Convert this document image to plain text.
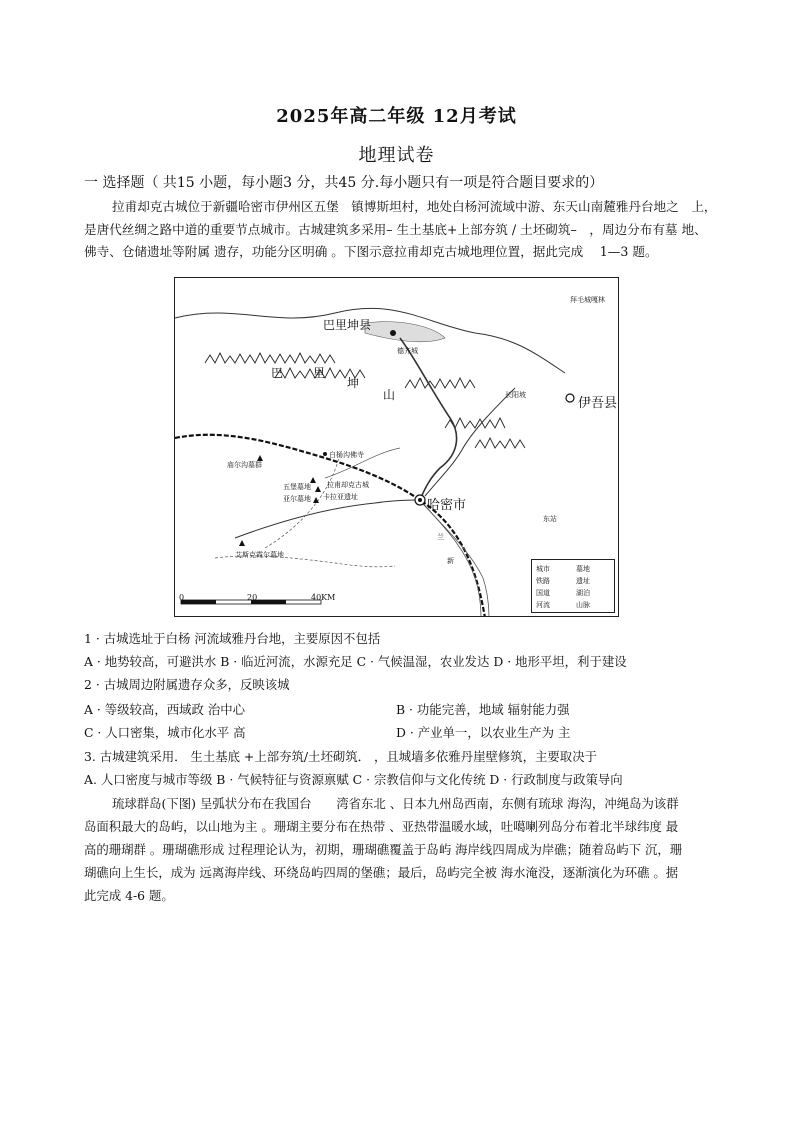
2025年高二年级 12月考试
地理试卷
一 选择题（ 共15 小题，每小题3 分，共45 分.每小题只有一项是符合题目要求的）
拉甫却克古城位于新疆哈密市伊州区五堡　镇博斯坦村，地处白杨河流域中游、东天山南麓雅丹台地之　上，
是唐代丝绸之路中道的重要节点城市。古城建筑多采用– 生土基底+上部夯筑 / 土坯砌筑–　，周边分布有墓 地、
佛寺、仓储遗址等附属 遗存，功能分区明确 。下图示意拉甫却克古城地理位置，据此完成　 1—3 题。
巴里坤县
巴 里
坤
山
伊吾县
哈密市
白杨沟佛寺
拉甫却克古城
拜毛城嘎林
德齐城
长阳坡
庙尔沟墓群
五堡墓地
亚尔墓地 卡拉亚遗址
艾斯克霞尔墓地
东站
兰
新
城市	墓地
铁路	遗址
国道	湖泊
河流	山脉
0	20	40KM
1 · 古城选址于白杨 河流域雅丹台地，主要原因不包括
A · 地势较高，可避洪水 B · 临近河流，水源充足 C · 气候温湿，农业发达 D · 地形平坦，利于建设
2 · 古城周边附属遗存众多，反映该城
A · 等级较高，西域政 治中心	B · 功能完善，地域 辐射能力强
C · 人口密集，城市化水平 高	D · 产业单一，以农业生产为 主
3. 古城建筑采用． 生土基底 +上部夯筑/土坯砌筑． ，且城墙多依雅丹崖壁修筑，主要取决于
A. 人口密度与城市等级 B · 气候特征与资源禀赋 C · 宗教信仰与文化传统 D · 行政制度与政策导向
琉球群岛(下图) 呈弧状分布在我国台　　湾省东北 、日本九州岛西南，东侧有琉球 海沟，冲绳岛为该群
岛面积最大的岛屿，以山地为主 。珊瑚主要分布在热带 、亚热带温暖水域，吐噶喇列岛分布着北半球纬度 最
高的珊瑚群 。珊瑚礁形成 过程理论认为，初期，珊瑚礁覆盖于岛屿 海岸线四周成为岸礁；随着岛屿下 沉，珊
瑚礁向上生长，成为 远离海岸线、环绕岛屿四周的堡礁；最后，岛屿完全被 海水淹没，逐渐演化为环礁 。据
此完成 4-6 题。
